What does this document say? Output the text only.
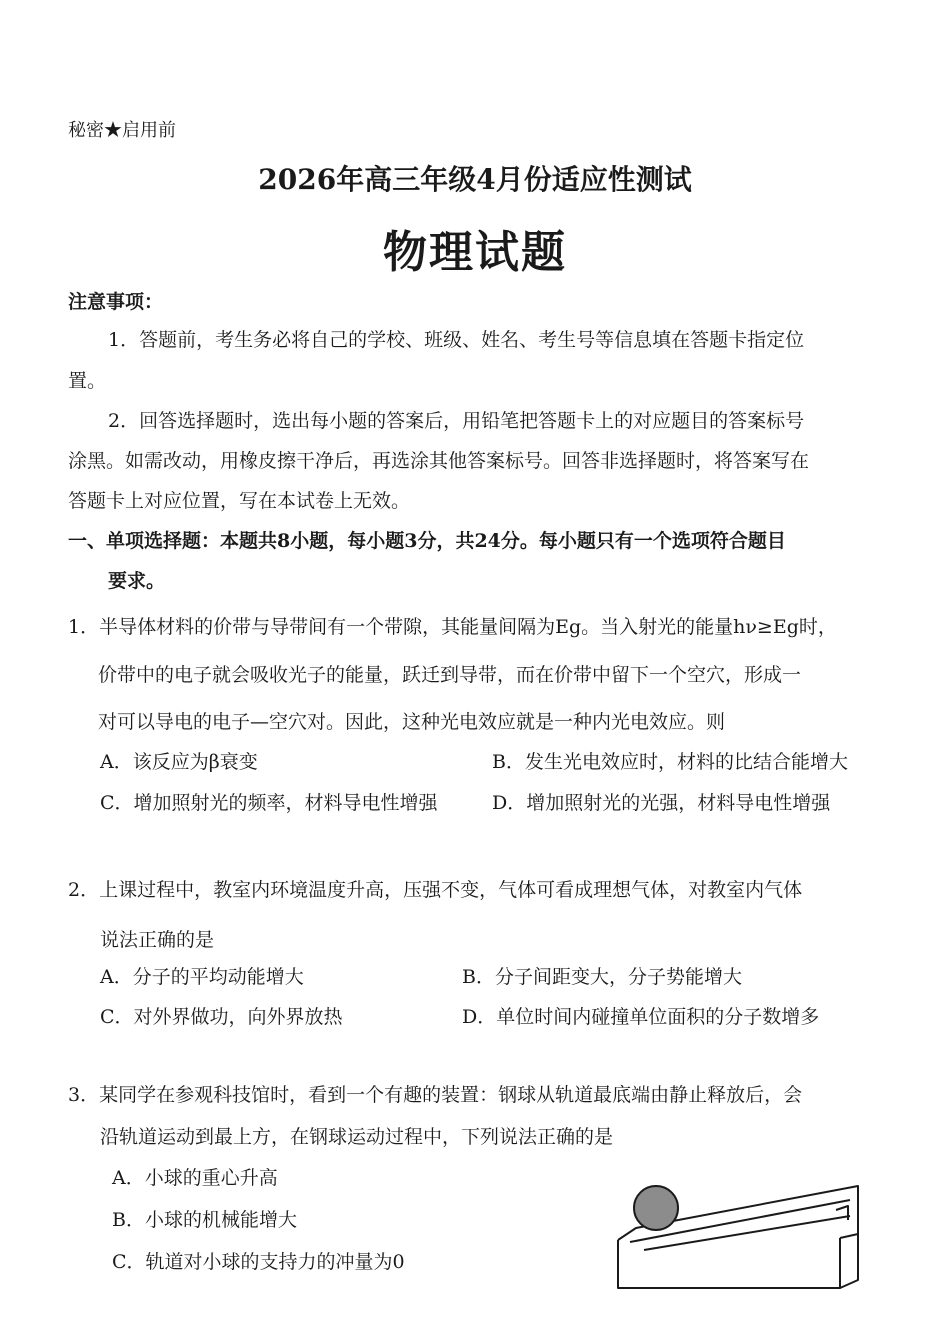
秘密★启用前
2026年高三年级4月份适应性测试
物理试题
注意事项：
1．答题前，考生务必将自己的学校、班级、姓名、考生号等信息填在答题卡指定位
置。
2．回答选择题时，选出每小题的答案后，用铅笔把答题卡上的对应题目的答案标号
涂黑。如需改动，用橡皮擦干净后，再选涂其他答案标号。回答非选择题时，将答案写在
答题卡上对应位置，写在本试卷上无效。
一、单项选择题：本题共8小题，每小题3分，共24分。每小题只有一个选项符合题目
要求。
1．半导体材料的价带与导带间有一个带隙，其能量间隔为Eg。当入射光的能量hν≥Eg时，
价带中的电子就会吸收光子的能量，跃迁到导带，而在价带中留下一个空穴，形成一
对可以导电的电子—空穴对。因此，这种光电效应就是一种内光电效应。则
A．该反应为β衰变	B．发生光电效应时，材料的比结合能增大
C．增加照射光的频率，材料导电性增强	D．增加照射光的光强，材料导电性增强
2．上课过程中，教室内环境温度升高，压强不变，气体可看成理想气体，对教室内气体
说法正确的是
A．分子的平均动能增大	B．分子间距变大，分子势能增大
C．对外界做功，向外界放热	D．单位时间内碰撞单位面积的分子数增多
3．某同学在参观科技馆时，看到一个有趣的装置：钢球从轨道最底端由静止释放后，会
沿轨道运动到最上方，在钢球运动过程中，下列说法正确的是
A．小球的重心升高
B．小球的机械能增大
C．轨道对小球的支持力的冲量为0
